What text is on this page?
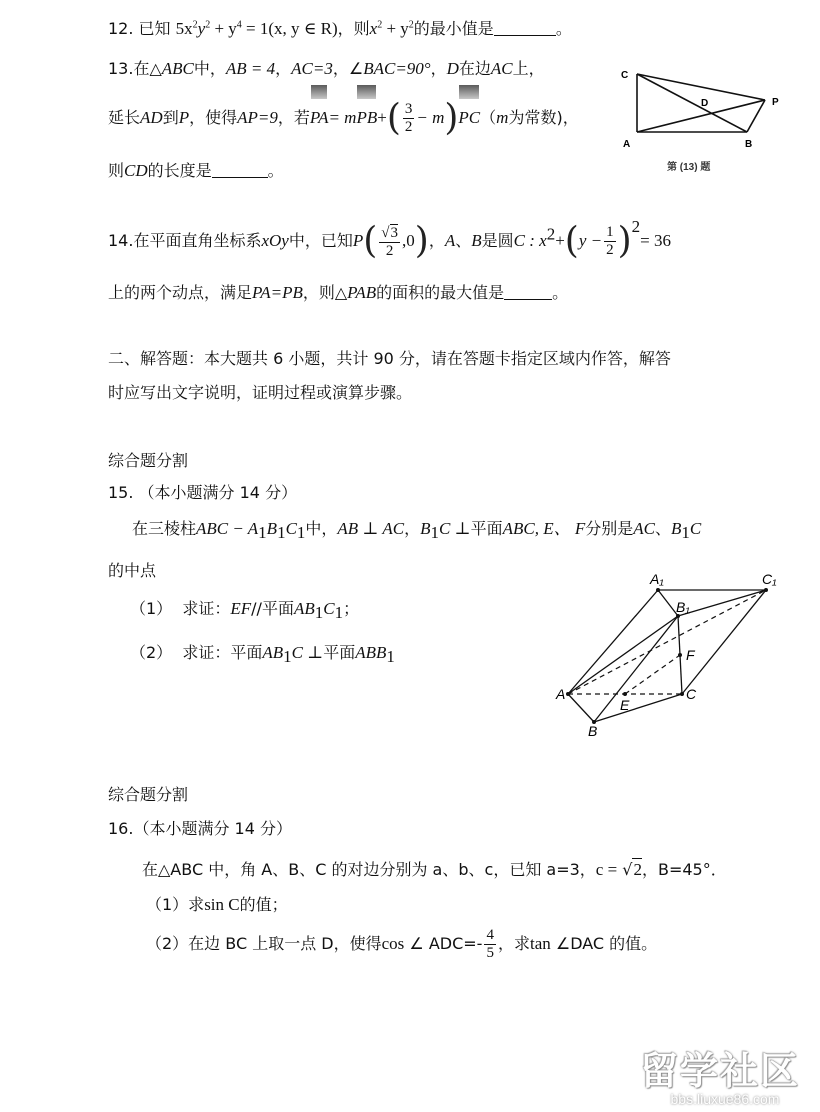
12. 已知 $5x^2y^2 + y^4 = 1(x$, y ∈ R)，则$x^2 + y^2$的最小值是	。
13.在△ABC中，AB = 4，AC=3，∠BAC=90°，D在边AC上，
延长AD到P，使得AP=9，若
PA= m
$PB+( \frac{3}{2} - m)$
PC（m为常数)，
则CD的长度是	。
C
D	P
A	B
第 (13) 题
14.在平面直角坐标系xOy中，已知$P( \frac{√3}{2} ,0)$，A、B是圆C : $x^2+(y - \frac{1}{2} )^2= 36$
上的两个动点，满足PA=PB，则△PAB的面积的最大值是	。
二、解答题：本大题共 6 小题，共计 90 分，请在答题卡指定区域内作答，解答
时应写出文字说明，证明过程或演算步骤。
综合题分割
15. （本小题满分 14 分）
在三棱柱ABC − $A_1B_1C_1$中，AB ⊥ AC，$B_1C$ ⊥平面ABC, E、 F分别是AC、$B_1C$
的中点
（1） 求证：EF//平面$AB_1C_1$；
（2） 求证：平面$AB_1C$ ⊥平面$ABB_1$
A₁	C₁
B₁
F
A
E
C
B
综合题分割
16.（本小题满分 14 分）
在△ABC 中，角 A、B、C 的对边分别为 a、b、c，已知 a=3，c = √2，B=45°．
（1）求sin C的值；
（2）在边 BC 上取一点 D，使得cos ∠ $ADC=- \frac{4}{5}$ ，求tan ∠DAC 的值。
留学社区
bbs.liuxue86.com
